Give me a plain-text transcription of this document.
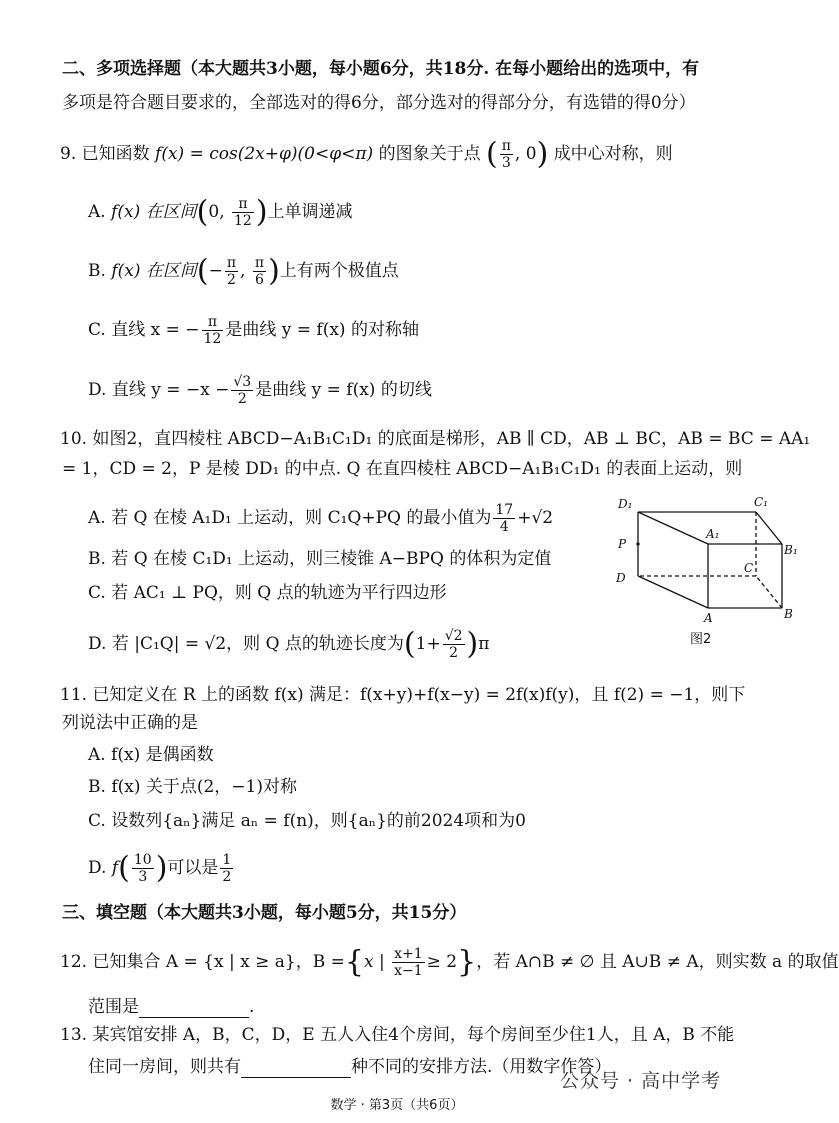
二、多项选择题（本大题共3小题，每小题6分，共18分. 在每小题给出的选项中，有
多项是符合题目要求的，全部选对的得6分，部分选对的得部分分，有选错的得0分）
9. 已知函数 f(x) = cos(2x+φ)(0<φ<π) 的图象关于点 ( $\frac{\pi}{3}$ , 0) 成中心对称，则
A. f(x) 在区间(0, $\frac{\pi}{12}$ )上单调递减
B. f(x) 在区间(− $\frac{\pi}{2}$ , $\frac{\pi}{6}$ )上有两个极值点
C. 直线 x = − $\frac{\pi}{12}$ 是曲线 y = f(x) 的对称轴
D. 直线 $y = -x - \frac{√3}{2}$ 是曲线 y = f(x) 的切线
10. 如图2，直四棱柱 ABCD−A₁B₁C₁D₁ 的底面是梯形，AB ∥ CD，AB ⊥ BC，AB = BC = AA₁
= 1，CD = 2，P 是棱 DD₁ 的中点. Q 在直四棱柱 ABCD−A₁B₁C₁D₁ 的表面上运动，则
A. 若 Q 在棱 A₁D₁ 上运动，则 C₁Q+PQ 的最小值为 $\frac{17}{4} +√2$
B. 若 Q 在棱 C₁D₁ 上运动，则三棱锥 A−BPQ 的体积为定值
C. 若 AC₁ ⊥ PQ，则 Q 点的轨迹为平行四边形
D. 若 |C₁Q| = √2，则 Q 点的轨迹长度为$(1+ \frac{√2}{2} )\pi$
D₁	C₁
P
A₁
B₁
C
D
A	B
图2
11. 已知定义在 R 上的函数 f(x) 满足：f(x+y)+f(x−y) = 2f(x)f(y)，且 f(2) = −1，则下
列说法中正确的是
A. f(x) 是偶函数
B. f(x) 关于点(2，−1)对称
C. 设数列{aₙ}满足 aₙ = f(n)，则{aₙ}的前2024项和为0
D. $f( \frac{10}{3}$ )可以是 $\frac{1}{2}$
三、填空题（本大题共3小题，每小题5分，共15分）
12. 已知集合 A = {x | x ≥ a}，B ={x | $\frac{x+1}{x-1} \ge 2$}，若 A∩B ≠ ∅ 且 A∪B ≠ A，则实数 a 的取值
范围是	.
13. 某宾馆安排 A，B，C，D，E 五人入住4个房间，每个房间至少住1人，且 A，B 不能
住同一房间，则共有	种不同的安排方法.（用数字作答）
公众号 · 高中学考
数学 · 第3页（共6页）
